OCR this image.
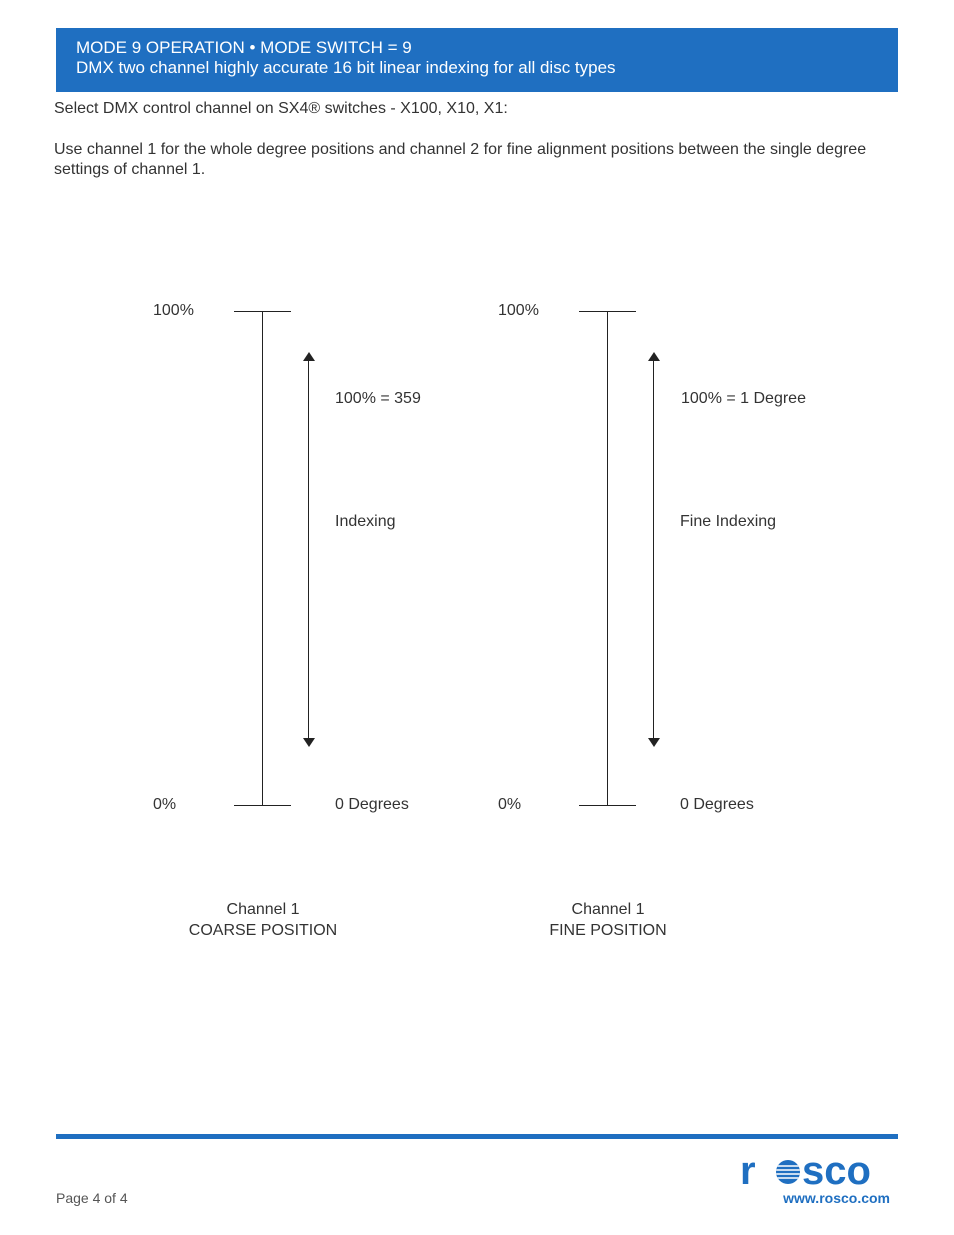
MODE 9 OPERATION • MODE SWITCH = 9
DMX two channel highly accurate 16 bit linear indexing for all disc types
Select DMX control channel on SX4® switches - X100, X10, X1:
Use channel 1 for the whole degree positions and channel 2 for fine alignment positions between the single degree settings of channel 1.
100%
0%
100% = 359
Indexing
0 Degrees
Channel 1
COARSE POSITION
100%
0%
100% = 1 Degree
Fine Indexing
0 Degrees
Channel 1
FINE POSITION
Page 4 of 4
r sco
www.rosco.com
